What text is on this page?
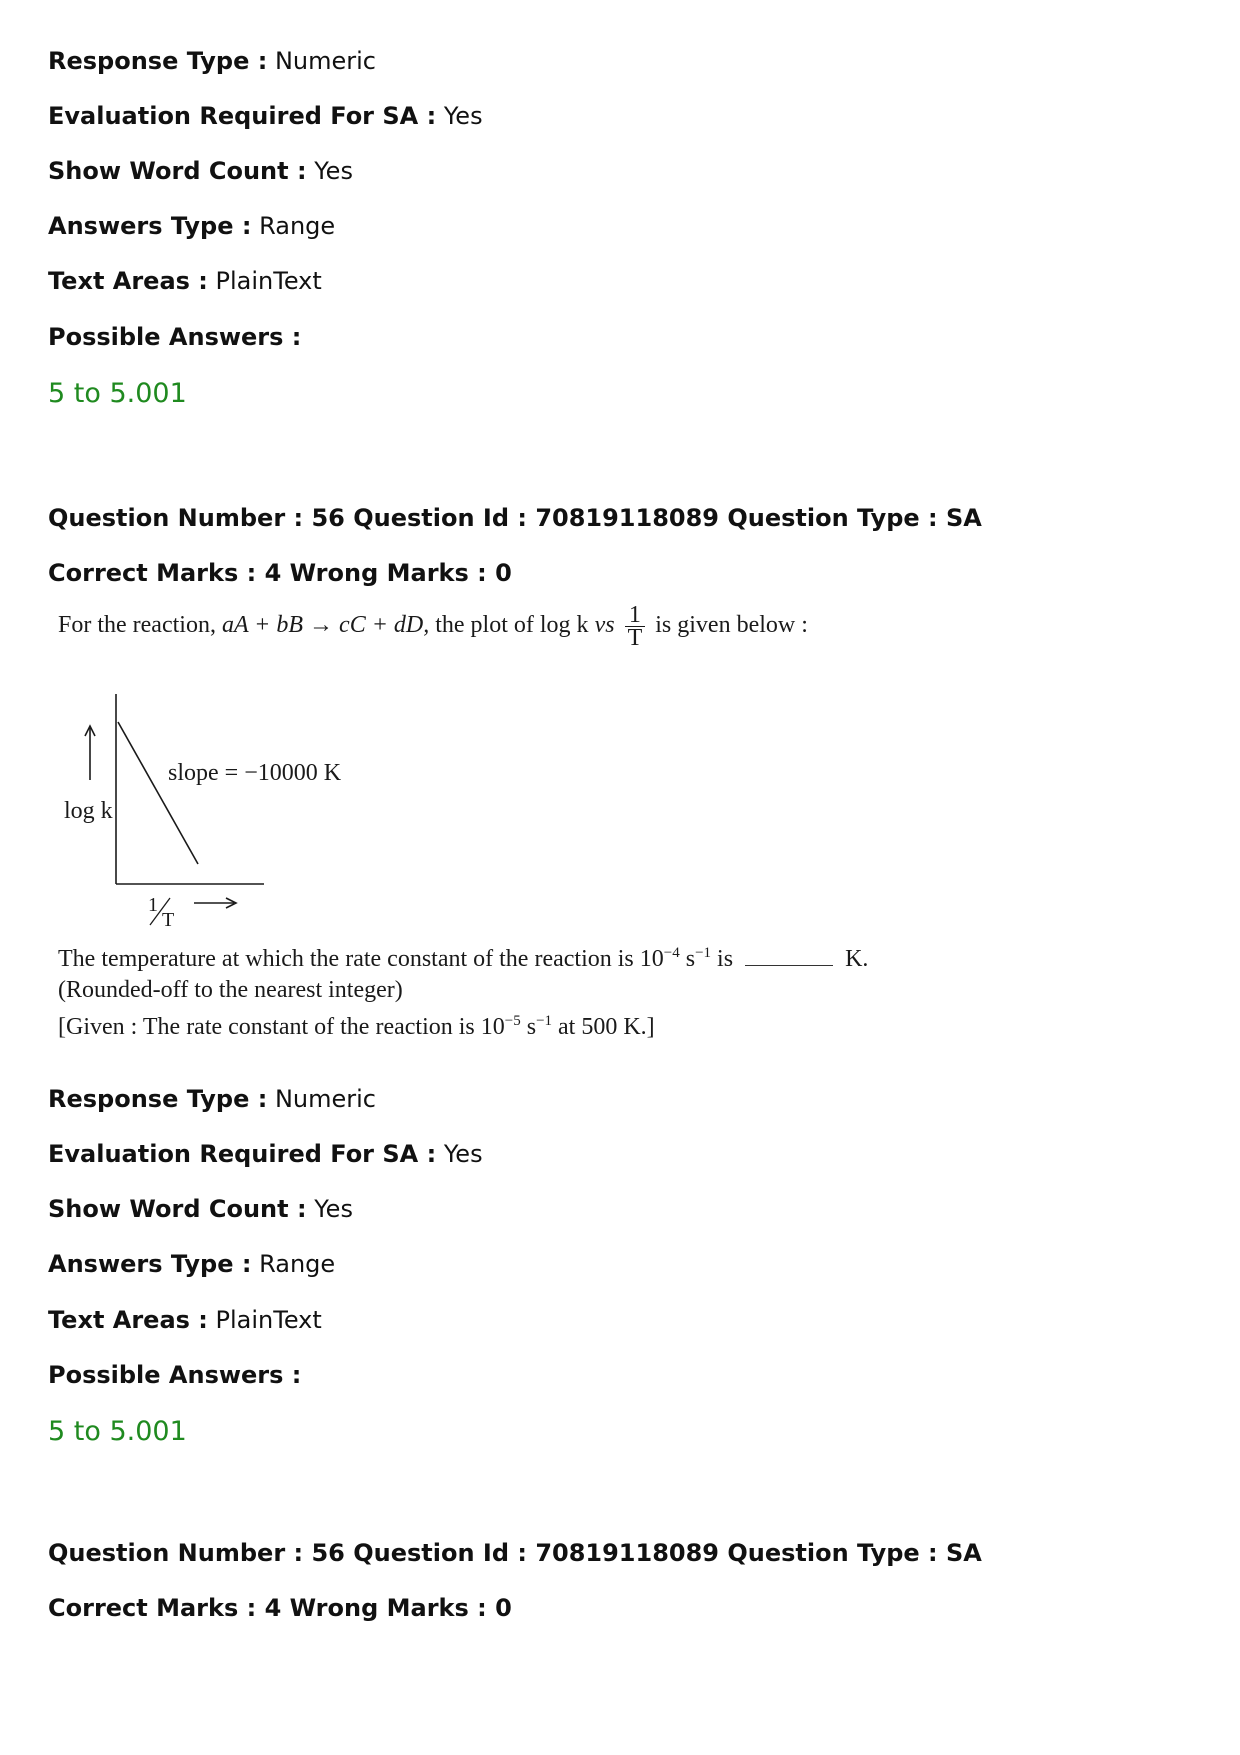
Response Type : Numeric
Evaluation Required For SA : Yes
Show Word Count : Yes
Answers Type : Range
Text Areas : PlainText
Possible Answers :
5 to 5.001
Question Number : 56 Question Id : 70819118089 Question Type : SA
Correct Marks : 4 Wrong Marks : 0
For the reaction, aA + bB → cC + dD, the plot of log k vs $\frac{1}{T}$ is given below :
log k
slope = −10000 K
1
T
The temperature at which the rate constant of the reaction is $10^{-4}$ $s^{-1}$ is	K.
(Rounded-off to the nearest integer)
[Given : The rate constant of the reaction is $10^{-5}$ $s^{-1}$ at 500 K.]
Response Type : Numeric
Evaluation Required For SA : Yes
Show Word Count : Yes
Answers Type : Range
Text Areas : PlainText
Possible Answers :
5 to 5.001
Question Number : 56 Question Id : 70819118089 Question Type : SA
Correct Marks : 4 Wrong Marks : 0
